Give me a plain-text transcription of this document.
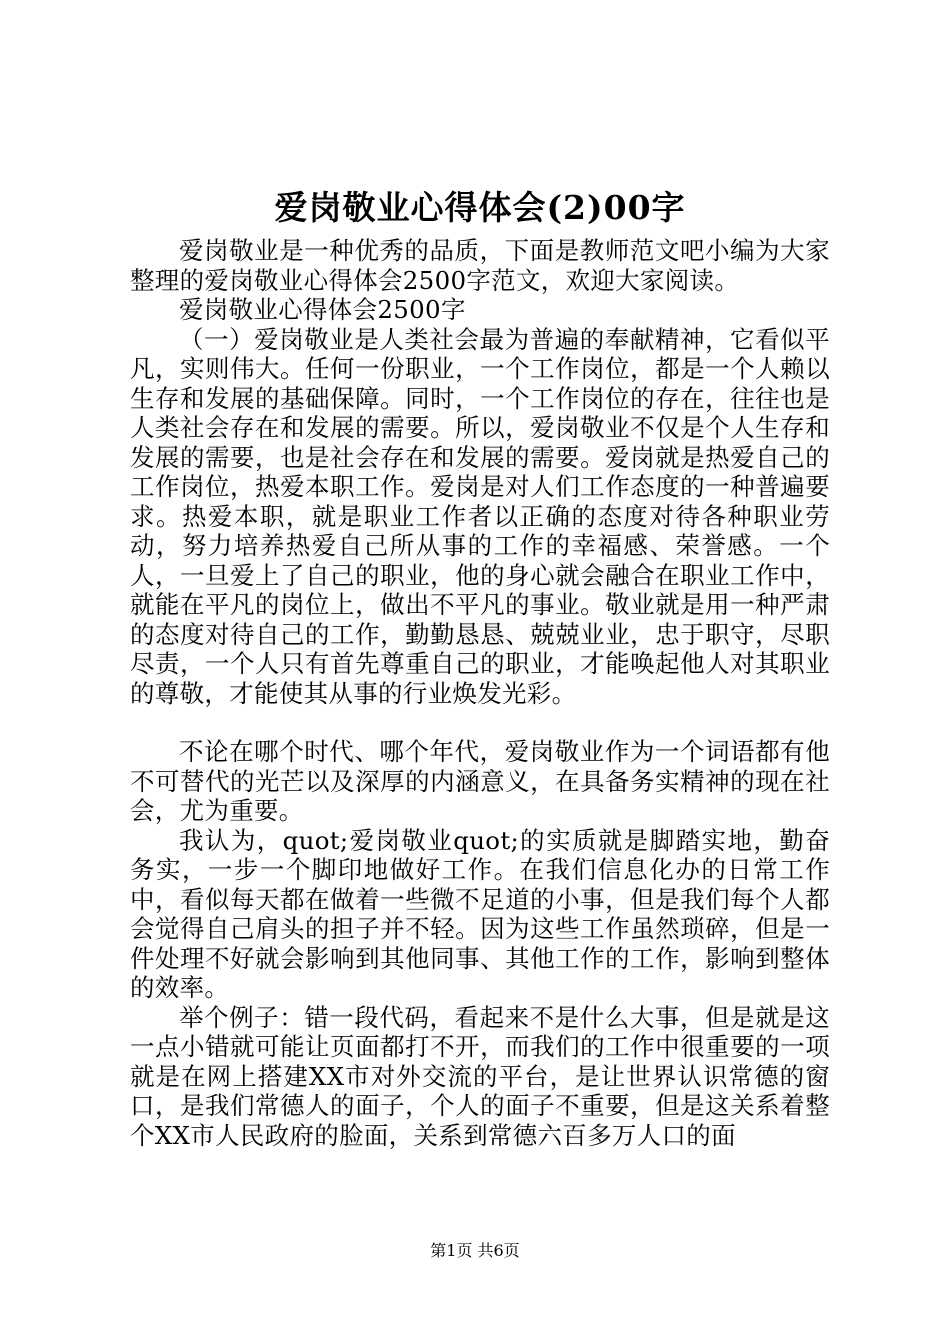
爱岗敬业心得体会(2)00字

爱岗敬业是一种优秀的品质，下面是教师范文吧小编为大家整理的爱岗敬业心得体会2500字范文，欢迎大家阅读。

爱岗敬业心得体会2500字

（一）爱岗敬业是人类社会最为普遍的奉献精神，它看似平凡，实则伟大。任何一份职业，一个工作岗位，都是一个人赖以生存和发展的基础保障。同时，一个工作岗位的存在，往往也是人类社会存在和发展的需要。所以，爱岗敬业不仅是个人生存和发展的需要，也是社会存在和发展的需要。爱岗就是热爱自己的工作岗位，热爱本职工作。爱岗是对人们工作态度的一种普遍要求。热爱本职，就是职业工作者以正确的态度对待各种职业劳动，努力培养热爱自己所从事的工作的幸福感、荣誉感。一个人，一旦爱上了自己的职业，他的身心就会融合在职业工作中，就能在平凡的岗位上，做出不平凡的事业。敬业就是用一种严肃的态度对待自己的工作，勤勤恳恳、兢兢业业，忠于职守，尽职尽责，一个人只有首先尊重自己的职业，才能唤起他人对其职业的尊敬，才能使其从事的行业焕发光彩。

不论在哪个时代、哪个年代，爱岗敬业作为一个词语都有他不可替代的光芒以及深厚的内涵意义，在具备务实精神的现在社会，尤为重要。

我认为，quot;爱岗敬业quot;的实质就是脚踏实地，勤奋务实，一步一个脚印地做好工作。在我们信息化办的日常工作中，看似每天都在做着一些微不足道的小事，但是我们每个人都会觉得自己肩头的担子并不轻。因为这些工作虽然琐碎，但是一件处理不好就会影响到其他同事、其他工作的工作，影响到整体的效率。

举个例子：错一段代码，看起来不是什么大事，但是就是这一点小错就可能让页面都打不开，而我们的工作中很重要的一项就是在网上搭建XX市对外交流的平台，是让世界认识常德的窗口，是我们常德人的面子，个人的面子不重要，但是这关系着整个XX市人民政府的脸面，关系到常德六百多万人口的面

第1页 共6页
